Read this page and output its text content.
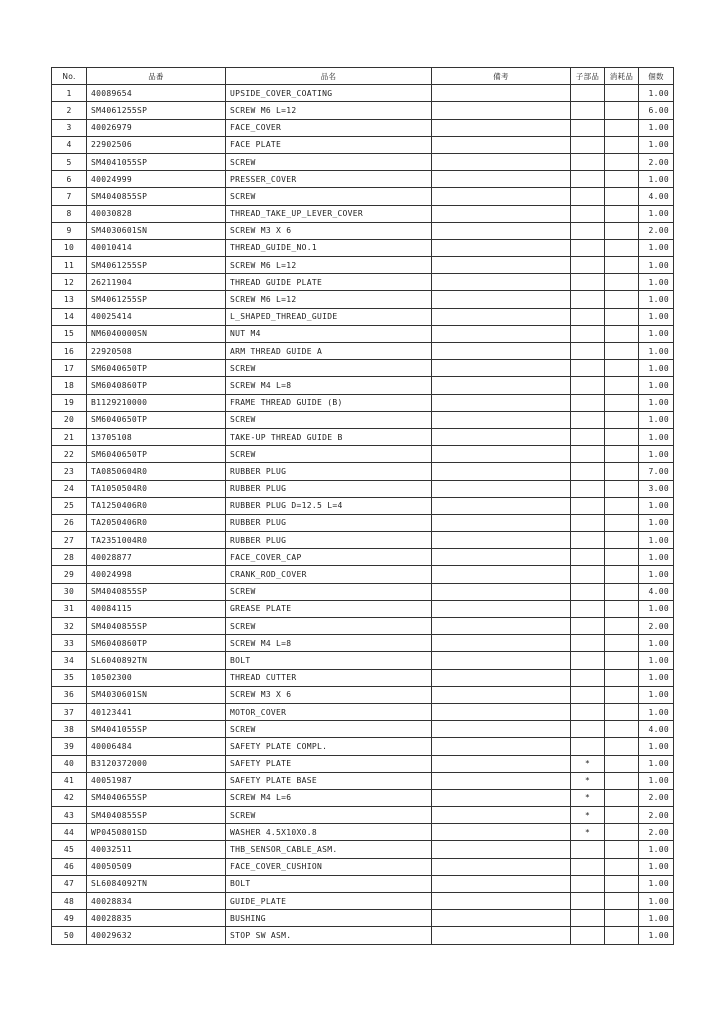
No.	品番	品名	備考	子部品	消耗品	個数
1	40089654	UPSIDE_COVER_COATING				1.00
2	SM4061255SP	SCREW M6 L=12				6.00
3	40026979	FACE_COVER				1.00
4	22902506	FACE PLATE				1.00
5	SM4041055SP	SCREW				2.00
6	40024999	PRESSER_COVER				1.00
7	SM4040855SP	SCREW				4.00
8	40030828	THREAD_TAKE_UP_LEVER_COVER				1.00
9	SM4030601SN	SCREW M3 X 6				2.00
10	40010414	THREAD_GUIDE_NO.1				1.00
11	SM4061255SP	SCREW M6 L=12				1.00
12	26211904	THREAD GUIDE PLATE				1.00
13	SM4061255SP	SCREW M6 L=12				1.00
14	40025414	L_SHAPED_THREAD_GUIDE				1.00
15	NM6040000SN	NUT M4				1.00
16	22920508	ARM THREAD GUIDE A				1.00
17	SM6040650TP	SCREW				1.00
18	SM6040860TP	SCREW M4 L=8				1.00
19	B1129210000	FRAME THREAD GUIDE (B)				1.00
20	SM6040650TP	SCREW				1.00
21	13705108	TAKE-UP THREAD GUIDE B				1.00
22	SM6040650TP	SCREW				1.00
23	TA0850604R0	RUBBER PLUG				7.00
24	TA1050504R0	RUBBER PLUG				3.00
25	TA1250406R0	RUBBER PLUG D=12.5 L=4				1.00
26	TA2050406R0	RUBBER PLUG				1.00
27	TA2351004R0	RUBBER PLUG				1.00
28	40028877	FACE_COVER_CAP				1.00
29	40024998	CRANK_ROD_COVER				1.00
30	SM4040855SP	SCREW				4.00
31	40084115	GREASE PLATE				1.00
32	SM4040855SP	SCREW				2.00
33	SM6040860TP	SCREW M4 L=8				1.00
34	SL6040892TN	BOLT				1.00
35	10502300	THREAD CUTTER				1.00
36	SM4030601SN	SCREW M3 X 6				1.00
37	40123441	MOTOR_COVER				1.00
38	SM4041055SP	SCREW				4.00
39	40006484	SAFETY PLATE COMPL.				1.00
40	B3120372000	SAFETY PLATE		*		1.00
41	40051987	SAFETY PLATE BASE		*		1.00
42	SM4040655SP	SCREW M4 L=6		*		2.00
43	SM4040855SP	SCREW		*		2.00
44	WP0450801SD	WASHER 4.5X10X0.8		*		2.00
45	40032511	THB_SENSOR_CABLE_ASM.				1.00
46	40050509	FACE_COVER_CUSHION				1.00
47	SL6084092TN	BOLT				1.00
48	40028834	GUIDE_PLATE				1.00
49	40028835	BUSHING				1.00
50	40029632	STOP SW ASM.				1.00
